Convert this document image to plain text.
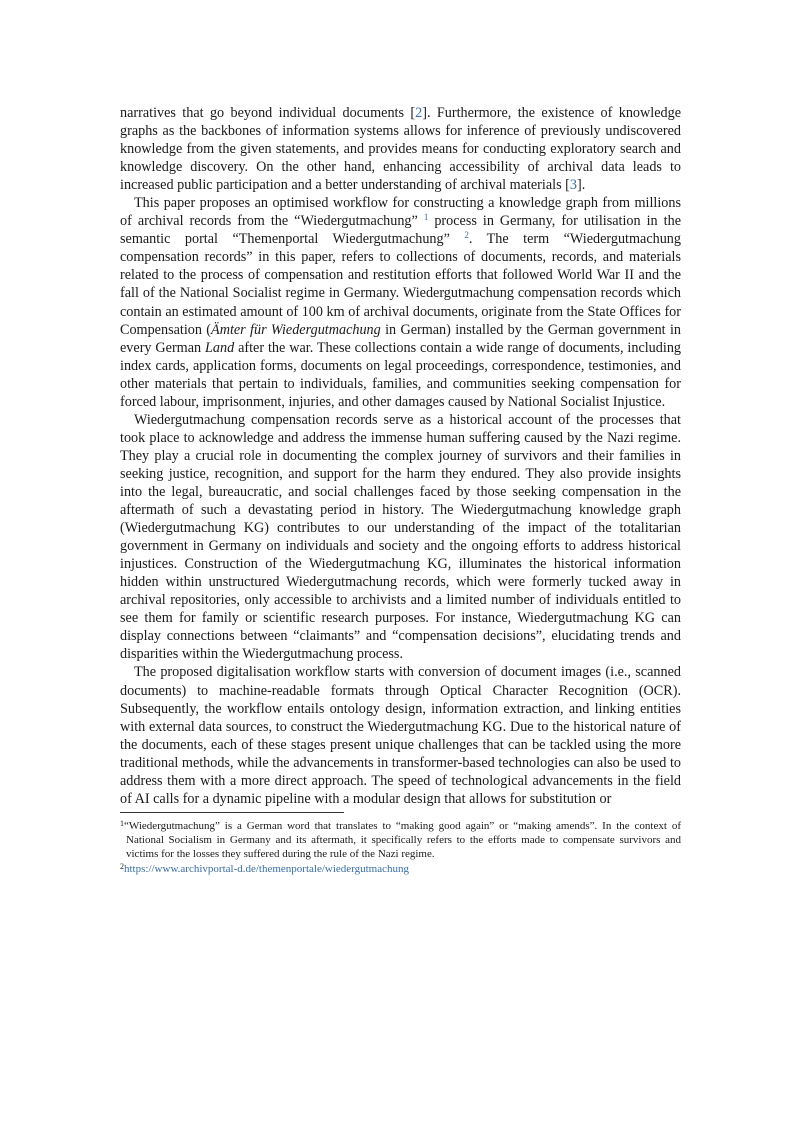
narratives that go beyond individual documents [2]. Furthermore, the existence of knowledge graphs as the backbones of information systems allows for inference of previously undiscovered knowledge from the given statements, and provides means for conducting exploratory search and knowledge discovery. On the other hand, enhancing accessibility of archival data leads to increased public participation and a better understanding of archival materials [3].

This paper proposes an optimised workflow for constructing a knowledge graph from millions of archival records from the “Wiedergutmachung” $^1$ process in Germany, for utilisation in the semantic portal “Themenportal Wiedergutmachung” $^2$. The term “Wiedergutmachung compensation records” in this paper, refers to collections of documents, records, and materials related to the process of compensation and restitution efforts that followed World War II and the fall of the National Socialist regime in Germany. Wiedergutmachung compensation records which contain an estimated amount of 100 km of archival documents, originate from the State Offices for Compensation (Ämter für Wiedergutmachung in German) installed by the German government in every German Land after the war. These collections contain a wide range of documents, including index cards, application forms, documents on legal proceedings, correspondence, testimonies, and other materials that pertain to individuals, families, and communities seeking compensation for forced labour, imprisonment, injuries, and other damages caused by National Socialist Injustice.

Wiedergutmachung compensation records serve as a historical account of the processes that took place to acknowledge and address the immense human suffering caused by the Nazi regime. They play a crucial role in documenting the complex journey of survivors and their families in seeking justice, recognition, and support for the harm they endured. They also provide insights into the legal, bureaucratic, and social challenges faced by those seeking compensation in the aftermath of such a devastating period in history. The Wiedergutmachung knowledge graph (Wiedergutmachung KG) contributes to our understanding of the impact of the totalitarian government in Germany on individuals and society and the ongoing efforts to address historical injustices. Construction of the Wiedergutmachung KG, illuminates the historical information hidden within unstructured Wiedergutmachung records, which were formerly tucked away in archival repositories, only accessible to archivists and a limited number of individuals entitled to see them for family or scientific research purposes. For instance, Wiedergutmachung KG can display connections between “claimants” and “compensation decisions”, elucidating trends and disparities within the Wiedergutmachung process.

The proposed digitalisation workflow starts with conversion of document images (i.e., scanned documents) to machine-readable formats through Optical Character Recognition (OCR). Subsequently, the workflow entails ontology design, information extraction, and linking entities with external data sources, to construct the Wiedergutmachung KG. Due to the historical nature of the documents, each of these stages present unique challenges that can be tackled using the more traditional methods, while the advancements in transformer-based technologies can also be used to address them with a more direct approach. The speed of technological advancements in the field of AI calls for a dynamic pipeline with a modular design that allows for substitution or

$^1$“Wiedergutmachung” is a German word that translates to “making good again” or “making amends”. In the context of National Socialism in Germany and its aftermath, it specifically refers to the efforts made to compensate survivors and victims for the losses they suffered during the rule of the Nazi regime.
$^2$https://www.archivportal-d.de/themenportale/wiedergutmachung
